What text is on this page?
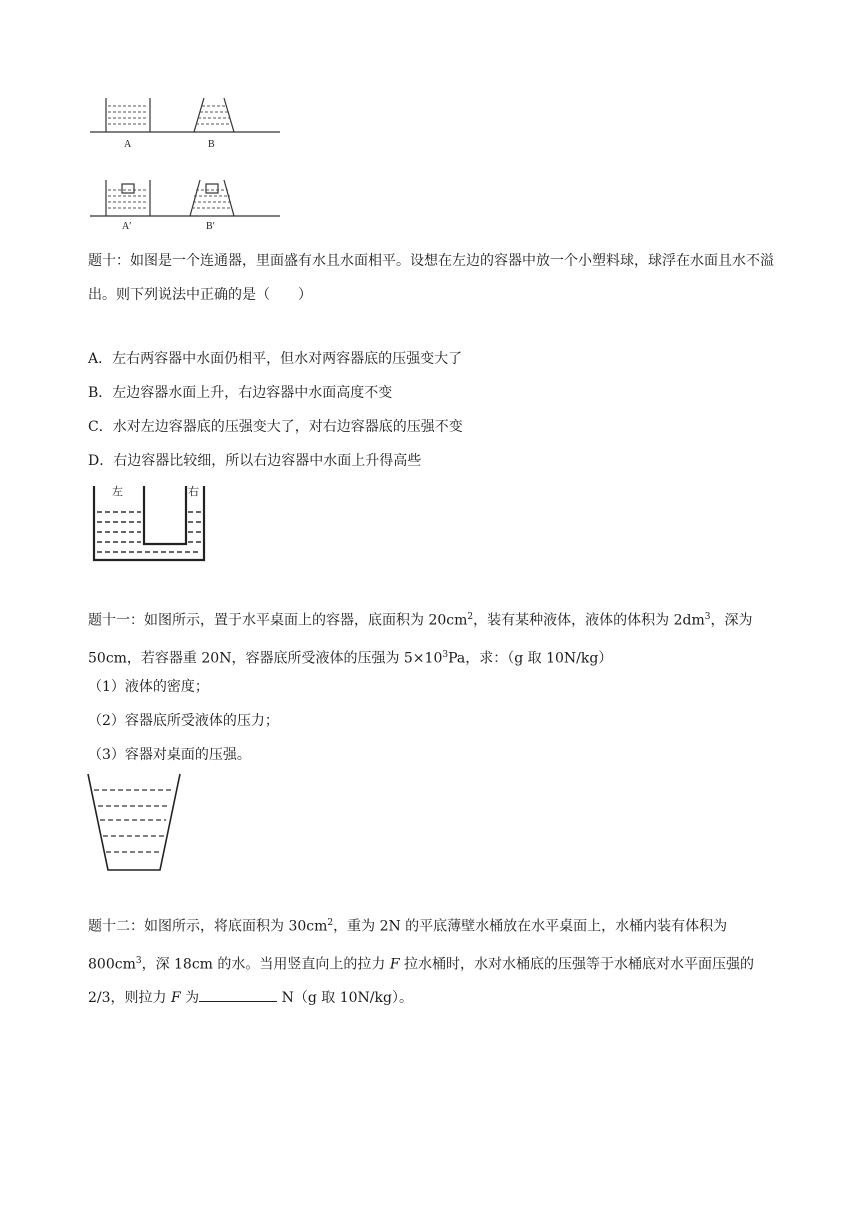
A	B
A′	B′
题十：如图是一个连通器，里面盛有水且水面相平。设想在左边的容器中放一个小塑料球，球浮在水面且水不溢出。则下列说法中正确的是（　　）
A．左右两容器中水面仍相平，但水对两容器底的压强变大了
B．左边容器水面上升，右边容器中水面高度不变
C．水对左边容器底的压强变大了，对右边容器底的压强不变
D．右边容器比较细，所以右边容器中水面上升得高些
左	右
题十一：如图所示，置于水平桌面上的容器，底面积为 $20cm^2$，装有某种液体，液体的体积为 $2dm^3$，深为 50cm，若容器重 20N，容器底所受液体的压强为 $5\times 10^3Pa$，求：（g 取 10N/kg）
（1）液体的密度；
（2）容器底所受液体的压力；
（3）容器对桌面的压强。
题十二：如图所示，将底面积为 $30cm^2$，重为 2N 的平底薄壁水桶放在水平桌面上，水桶内装有体积为 $800cm^3$，深 18cm 的水。当用竖直向上的拉力 F 拉水桶时，水对水桶底的压强等于水桶底对水平面压强的 2/3，则拉力 F 为	N（g 取 10N/kg）。
